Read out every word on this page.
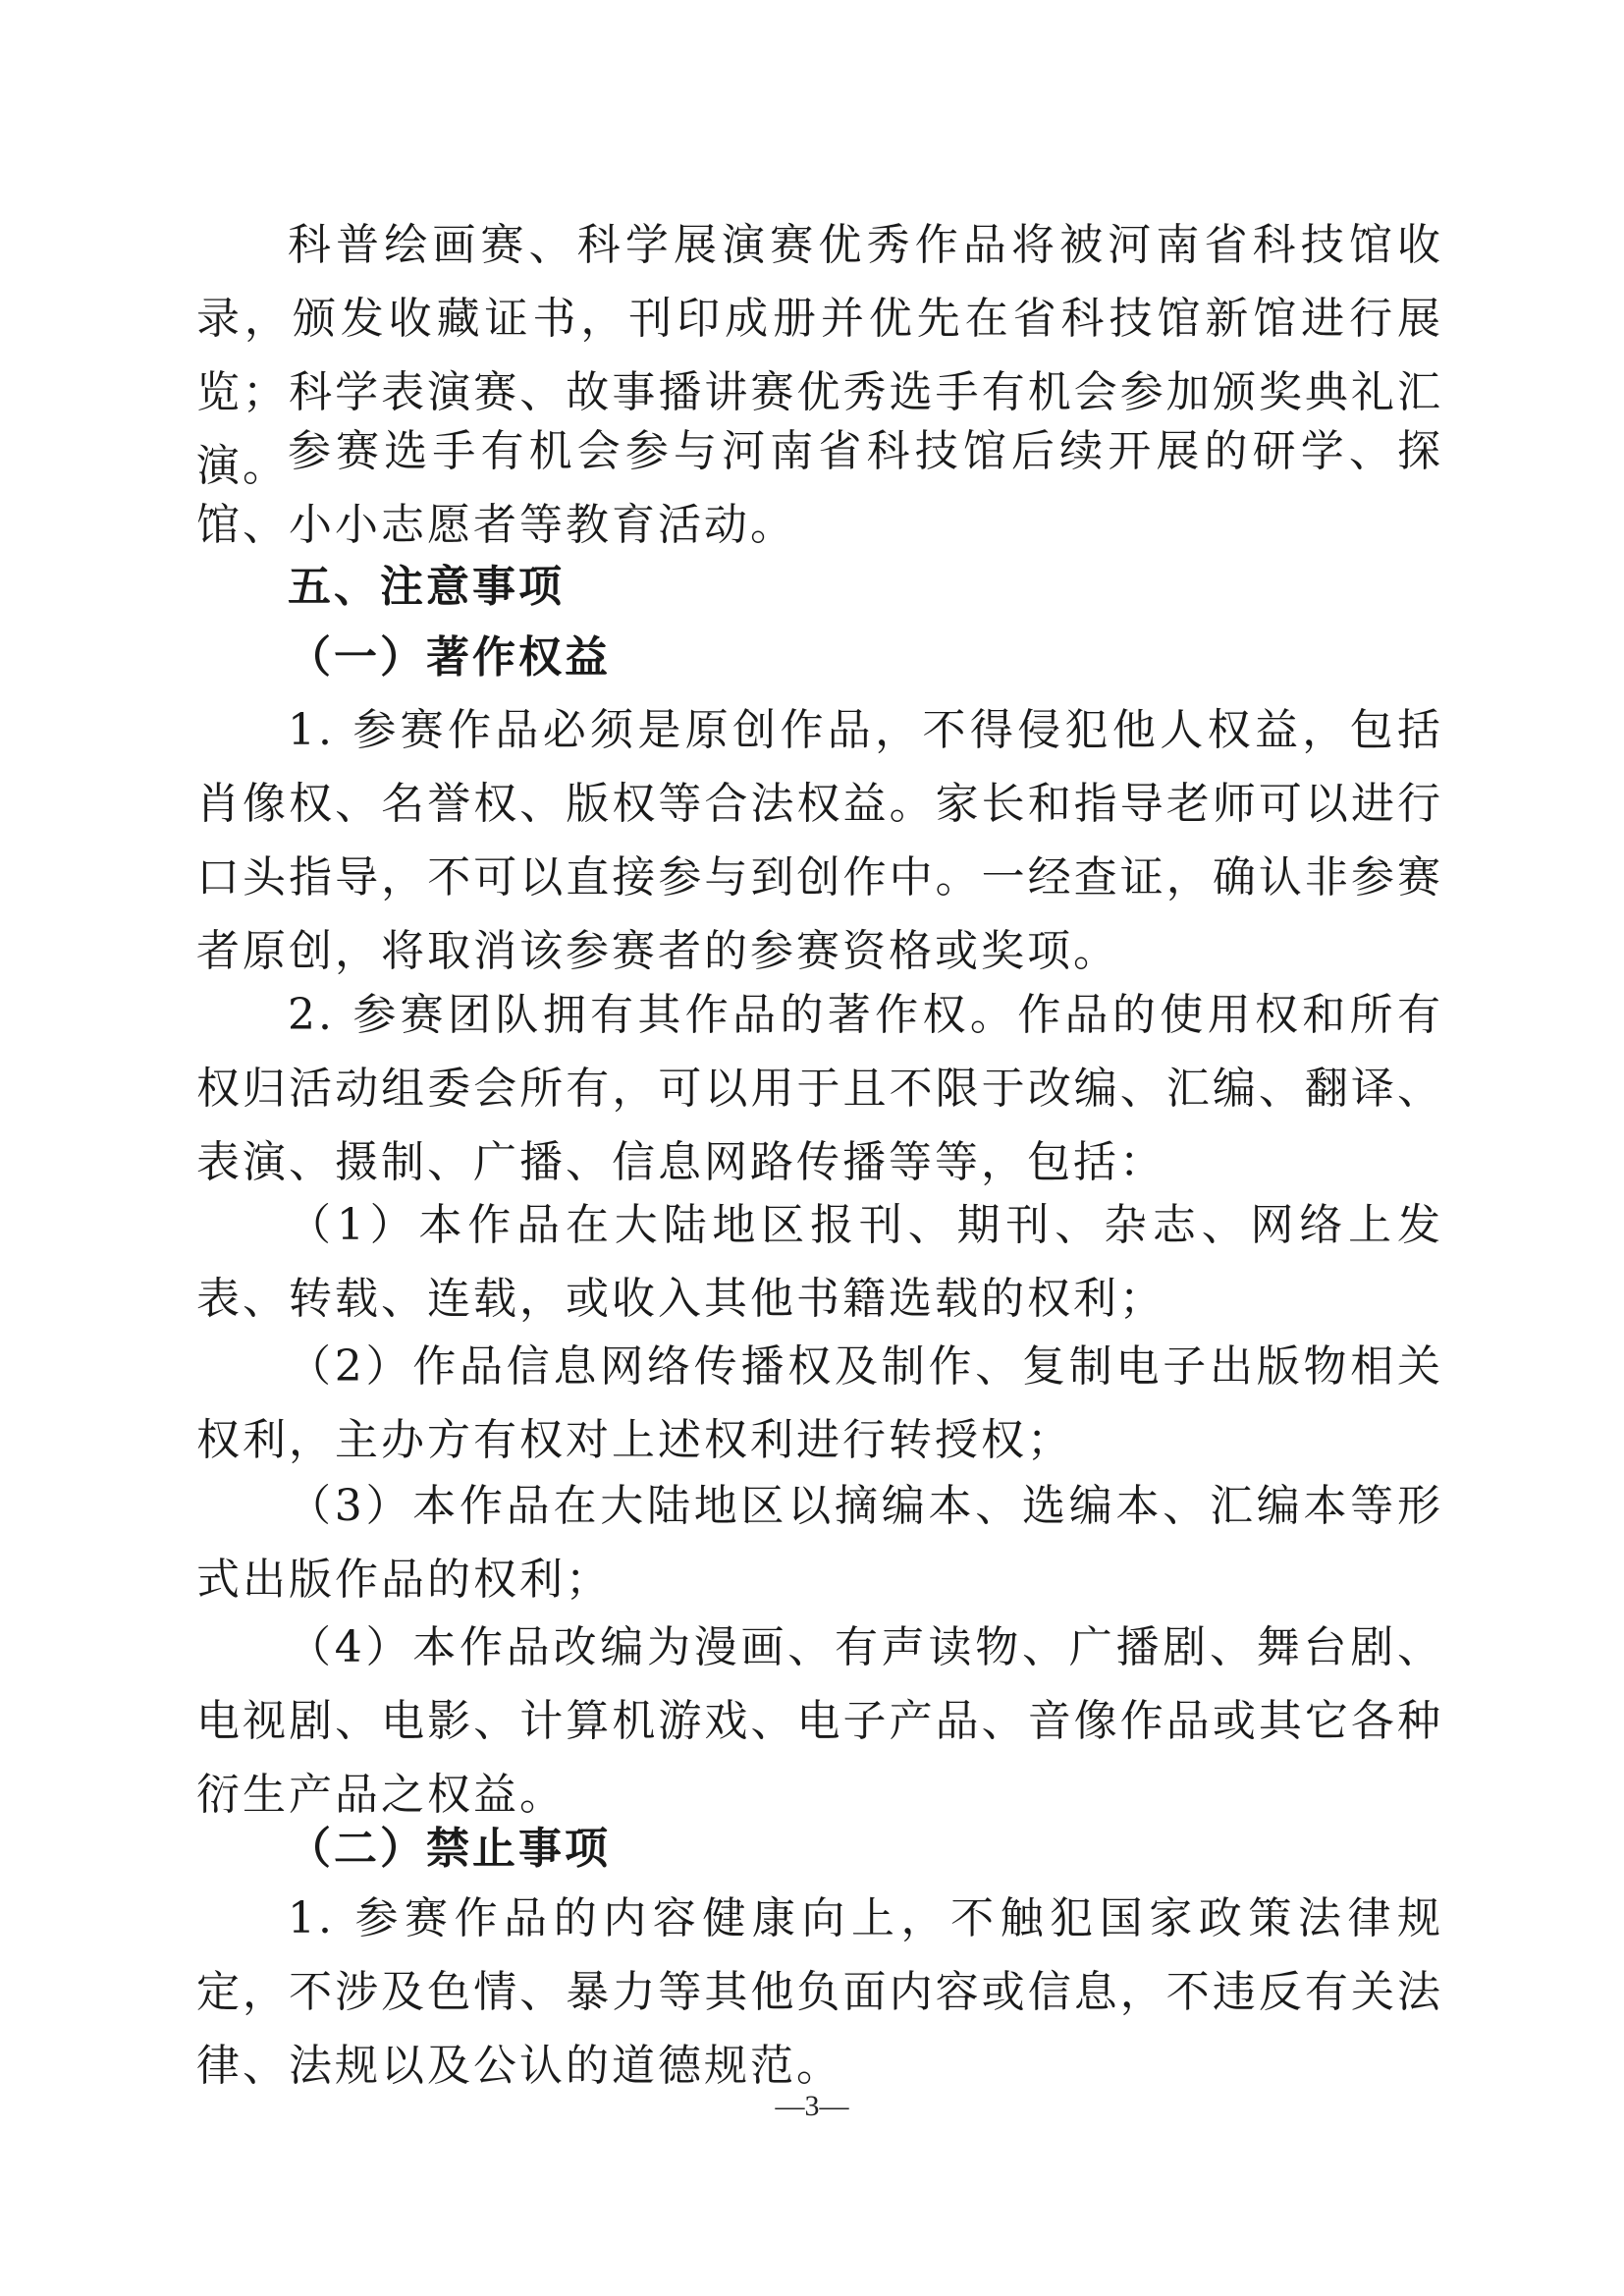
科普绘画赛、科学展演赛优秀作品将被河南省科技馆收录，颁发收藏证书，刊印成册并优先在省科技馆新馆进行展览；科学表演赛、故事播讲赛优秀选手有机会参加颁奖典礼汇演。 参赛选手有机会参与河南省科技馆后续开展的研学、探馆、小小志愿者等教育活动。
五、注意事项
（一）著作权益
1. 参赛作品必须是原创作品，不得侵犯他人权益，包括肖像权、名誉权、版权等合法权益。家长和指导老师可以进行口头指导，不可以直接参与到创作中。一经查证，确认非参赛者原创，将取消该参赛者的参赛资格或奖项。
2. 参赛团队拥有其作品的著作权。作品的使用权和所有权归活动组委会所有，可以用于且不限于改编、汇编、翻译、表演、摄制、广播、信息网路传播等等，包括：
（1）本作品在大陆地区报刊、期刊、杂志、网络上发表、转载、连载，或收入其他书籍选载的权利；
（2）作品信息网络传播权及制作、复制电子出版物相关权利，主办方有权对上述权利进行转授权；
（3）本作品在大陆地区以摘编本、选编本、汇编本等形式出版作品的权利；
（4）本作品改编为漫画、有声读物、广播剧、舞台剧、电视剧、电影、计算机游戏、电子产品、音像作品或其它各种衍生产品之权益。
（二）禁止事项
1. 参赛作品的内容健康向上，不触犯国家政策法律规定，不涉及色情、暴力等其他负面内容或信息，不违反有关法律、法规以及公认的道德规范。
—3—
